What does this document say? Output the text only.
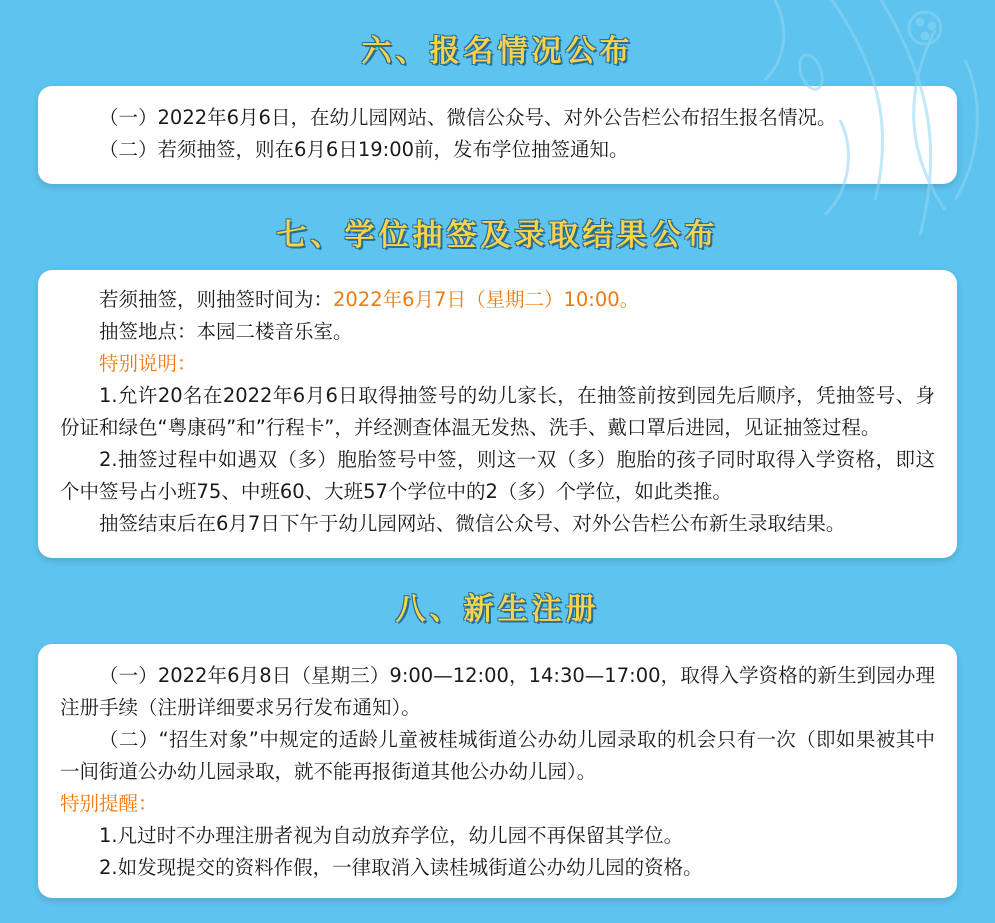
六、报名情况公布

（一）2022年6月6日，在幼儿园网站、微信公众号、对外公告栏公布招生报名情况。

（二）若须抽签，则在6月6日19:00前，发布学位抽签通知。

七、学位抽签及录取结果公布

若须抽签，则抽签时间为：2022年6月7日（星期二）10:00。

抽签地点：本园二楼音乐室。

特别说明：

1.允许20名在2022年6月6日取得抽签号的幼儿家长，在抽签前按到园先后顺序，凭抽签号、身份证和绿色“粤康码”和”行程卡”，并经测查体温无发热、洗手、戴口罩后进园，见证抽签过程。

2.抽签过程中如遇双（多）胞胎签号中签，则这一双（多）胞胎的孩子同时取得入学资格，即这个中签号占小班75、中班60、大班57个学位中的2（多）个学位，如此类推。

抽签结束后在6月7日下午于幼儿园网站、微信公众号、对外公告栏公布新生录取结果。

八、新生注册

（一）2022年6月8日（星期三）9:00—12:00，14:30—17:00，取得入学资格的新生到园办理注册手续（注册详细要求另行发布通知）。

（二）“招生对象”中规定的适龄儿童被桂城街道公办幼儿园录取的机会只有一次（即如果被其中一间街道公办幼儿园录取，就不能再报街道其他公办幼儿园）。

特别提醒：

1.凡过时不办理注册者视为自动放弃学位，幼儿园不再保留其学位。

2.如发现提交的资料作假，一律取消入读桂城街道公办幼儿园的资格。
